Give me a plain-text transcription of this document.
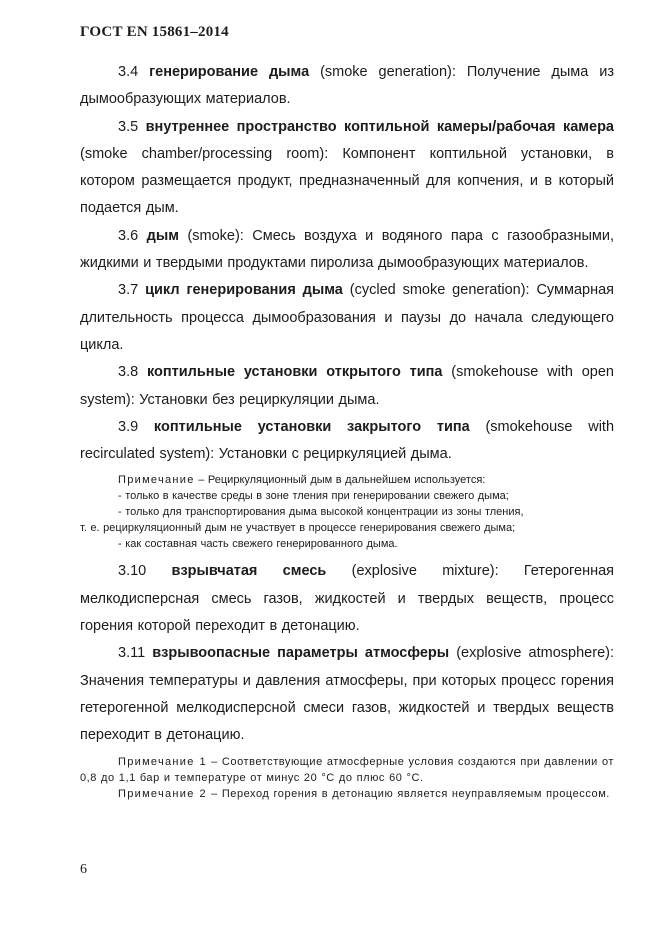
ГОСТ EN 15861–2014

3.4 генерирование дыма (smoke generation): Получение дыма из дымообразующих материалов.

3.5 внутреннее пространство коптильной камеры/рабочая камера (smoke chamber/processing room): Компонент коптильной установки, в котором размещается продукт, предназначенный для копчения, и в который подается дым.

3.6 дым (smoke): Смесь воздуха и водяного пара с газообразными, жидкими и твердыми продуктами пиролиза дымообразующих материалов.

3.7 цикл генерирования дыма (cycled smoke generation): Суммарная длительность процесса дымообразования и паузы до начала следующего цикла.

3.8 коптильные установки открытого типа (smokehouse with open system): Установки без рециркуляции дыма.

3.9 коптильные установки закрытого типа (smokehouse with recirculated system): Установки с рециркуляцией дыма.

Примечание – Рециркуляционный дым в дальнейшем используется:

- только в качестве среды в зоне тления при генерировании свежего дыма;

- только для транспортирования дыма высокой концентрации из зоны тления,

т. е. рециркуляционный дым не участвует в процессе генерирования свежего дыма;

- как составная часть свежего генерированного дыма.

3.10 взрывчатая смесь (explosive mixture): Гетерогенная мелкодисперсная смесь газов, жидкостей и твердых веществ, процесс горения которой переходит в детонацию.

3.11 взрывоопасные параметры атмосферы (explosive atmosphere): Значения температуры и давления атмосферы, при которых процесс горения гетерогенной мелкодисперсной смеси газов, жидкостей и твердых веществ переходит в детонацию.

Примечание 1 – Соответствующие атмосферные условия создаются при давлении от 0,8 до 1,1 бар и температуре от минус 20 °С до плюс 60 °С.

Примечание 2 – Переход горения в детонацию является неуправляемым процессом.

6
